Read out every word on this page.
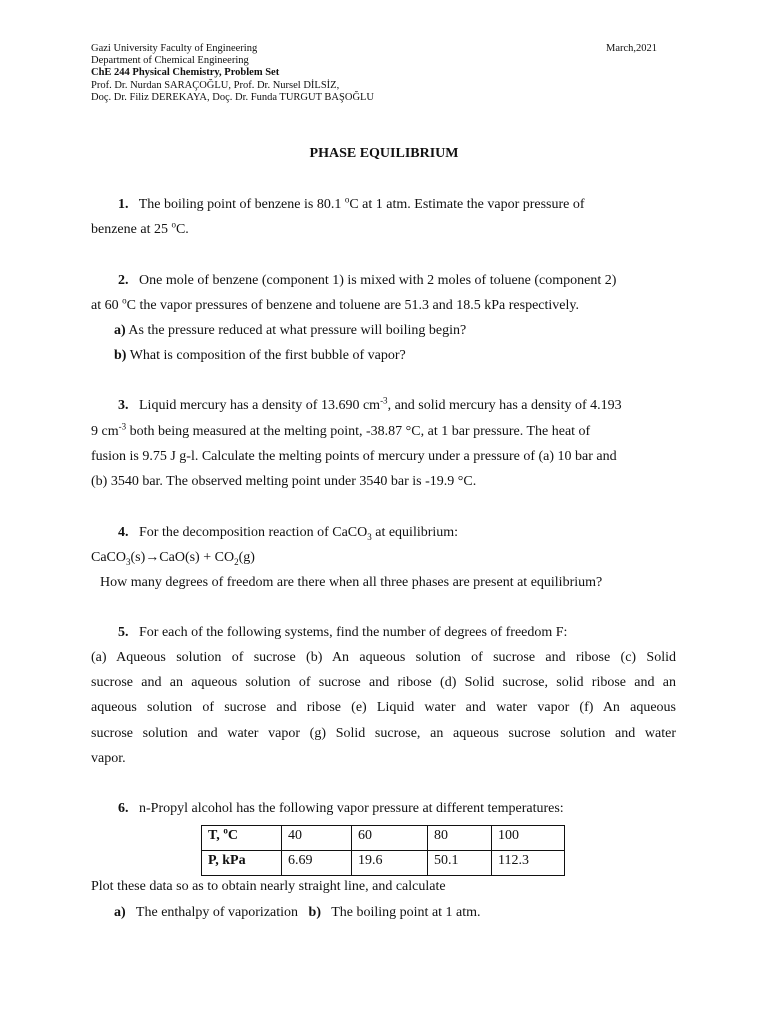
Gazi University Faculty of Engineering
Department of Chemical Engineering
ChE 244 Physical Chemistry, Problem Set
Prof. Dr. Nurdan SARAÇOĞLU, Prof. Dr. Nursel DİLSİZ,
Doç. Dr. Filiz DEREKAYA, Doç. Dr. Funda TURGUT BAŞOĞLU
March,2021
PHASE EQUILIBRIUM
1. The boiling point of benzene is 80.1 $^o$C at 1 atm. Estimate the vapor pressure of
benzene at 25 $^o$C.
2. One mole of benzene (component 1) is mixed with 2 moles of toluene (component 2)
at 60 $^o$C the vapor pressures of benzene and toluene are 51.3 and 18.5 kPa respectively.
a) As the pressure reduced at what pressure will boiling begin?
b) What is composition of the first bubble of vapor?
3. Liquid mercury has a density of 13.690 $cm^{-3}$, and solid mercury has a density of 4.193
9 $cm^{-3}$ both being measured at the melting point, -38.87 °C, at 1 bar pressure. The heat of
fusion is 9.75 J g-l. Calculate the melting points of mercury under a pressure of (a) 10 bar and
(b) 3540 bar. The observed melting point under 3540 bar is -19.9 °C.
4. For the decomposition reaction of CaCO$_3$ at equilibrium:
CaCO$_3$(s)→CaO(s) + $CO_2(g)$
How many degrees of freedom are there when all three phases are present at equilibrium?
5. For each of the following systems, find the number of degrees of freedom F:
(a) Aqueous solution of sucrose (b) An aqueous solution of sucrose and ribose (c) Solid
sucrose and an aqueous solution of sucrose and ribose (d) Solid sucrose, solid ribose and an
aqueous solution of sucrose and ribose (e) Liquid water and water vapor (f) An aqueous
sucrose solution and water vapor (g) Solid sucrose, an aqueous sucrose solution and water
vapor.
6. n-Propyl alcohol has the following vapor pressure at different temperatures:
T, $^o$C	40	60	80	100
P, kPa	6.69	19.6	50.1	112.3
Plot these data so as to obtain nearly straight line, and calculate
a) The enthalpy of vaporization b) The boiling point at 1 atm.
